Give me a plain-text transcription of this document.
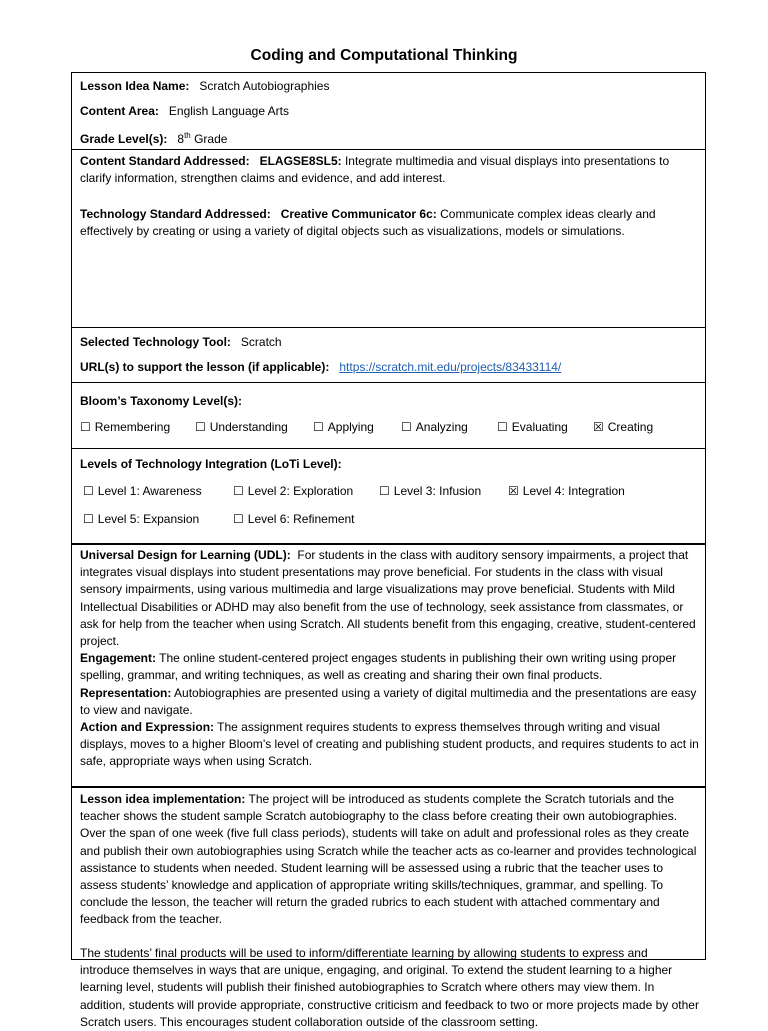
Coding and Computational Thinking
Lesson Idea Name: Scratch Autobiographies
Content Area: English Language Arts
Grade Level(s): 8th Grade
Content Standard Addressed: ELAGSE8SL5: Integrate multimedia and visual displays into presentations to clarify information, strengthen claims and evidence, and add interest.
Technology Standard Addressed: Creative Communicator 6c: Communicate complex ideas clearly and effectively by creating or using a variety of digital objects such as visualizations, models or simulations.
Selected Technology Tool: Scratch
URL(s) to support the lesson (if applicable): https://scratch.mit.edu/projects/83433114/
Bloom’s Taxonomy Level(s):
☐ Remembering ☐ Understanding ☐ Applying ☐ Analyzing ☐ Evaluating ☒ Creating
Levels of Technology Integration (LoTi Level):
☐ Level 1: Awareness	☐ Level 2: Exploration ☐ Level 3: Infusion ☒ Level 4: Integration
☐ Level 5: Expansion	☐ Level 6: Refinement
Universal Design for Learning (UDL): For students in the class with auditory sensory impairments, a project that integrates visual displays into student presentations may prove beneficial. For students in the class with visual sensory impairments, using various multimedia and large visualizations may prove beneficial. Students with Mild Intellectual Disabilities or ADHD may also benefit from the use of technology, seek assistance from classmates, or ask for help from the teacher when using Scratch. All students benefit from this engaging, creative, student-centered project.
Engagement: The online student-centered project engages students in publishing their own writing using proper spelling, grammar, and writing techniques, as well as creating and sharing their own final products.
Representation: Autobiographies are presented using a variety of digital multimedia and the presentations are easy to view and navigate.
Action and Expression: The assignment requires students to express themselves through writing and visual displays, moves to a higher Bloom’s level of creating and publishing student products, and requires students to act in safe, appropriate ways when using Scratch.
Lesson idea implementation: The project will be introduced as students complete the Scratch tutorials and the teacher shows the student sample Scratch autobiography to the class before creating their own autobiographies. Over the span of one week (five full class periods), students will take on adult and professional roles as they create and publish their own autobiographies using Scratch while the teacher acts as co-learner and provides technological assistance to students when needed. Student learning will be assessed using a rubric that the teacher uses to assess students’ knowledge and application of appropriate writing skills/techniques, grammar, and spelling. To conclude the lesson, the teacher will return the graded rubrics to each student with attached commentary and feedback from the teacher.
The students’ final products will be used to inform/differentiate learning by allowing students to express and introduce themselves in ways that are unique, engaging, and original. To extend the student learning to a higher learning level, students will publish their finished autobiographies to Scratch where others may view them. In addition, students will provide appropriate, constructive criticism and feedback to two or more projects made by other Scratch users. This encourages student collaboration outside of the classroom setting.
